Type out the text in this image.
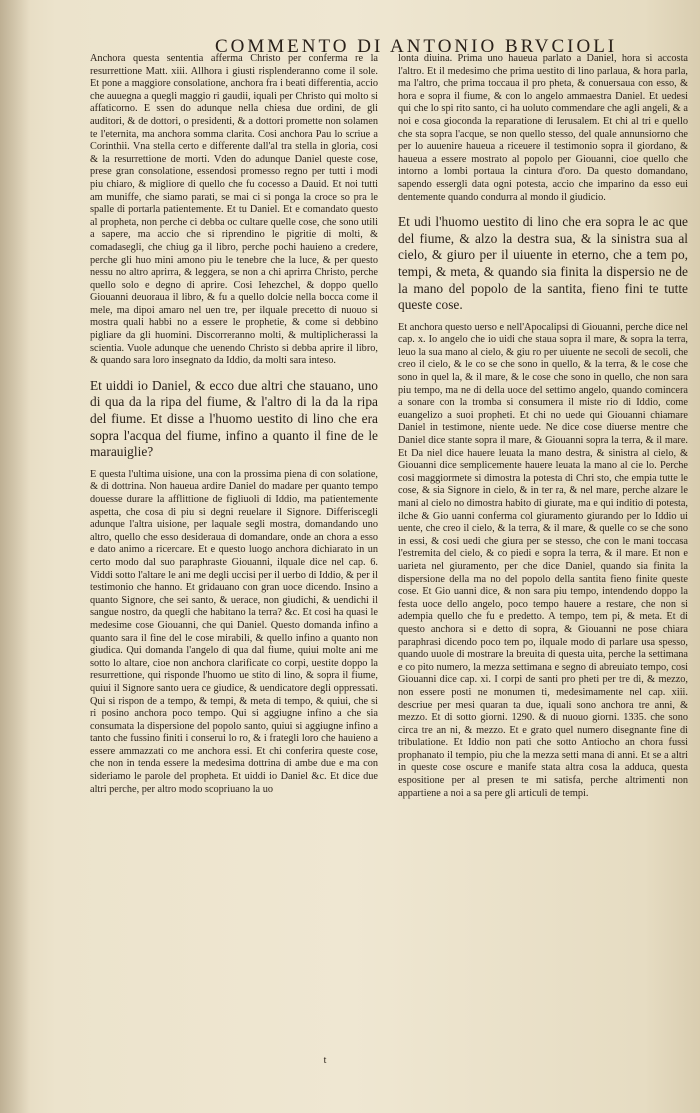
COMMENTO DI ANTONIO BRVCIOLI

Anchora questa sententia afferma Christo per conferma re la resurrettione Matt. xiii. Allhora i giusti risplenderanno come il sole. Et pone a maggiore consolatione, anchora fra i beati differentia, accio che auuegna a quegli maggio ri gaudii, iquali per Christo qui molto si affaticorno. E ssen do adunque nella chiesa due ordini, de gli auditori, & de dottori, o presidenti, & a dottori promette non solamen te l'eternita, ma anchora somma clarita. Cosi anchora Pau lo scriue a Corinthii. Vna stella certo e differente dall'al tra stella in gloria, cosi & la resurrettione de morti. Vden do adunque Daniel queste cose, prese gran consolatione, essendosi promesso regno per tutti i modi piu chiaro, & migliore di quello che fu cocesso a Dauid. Et noi tutti am muniffe, che siamo parati, se mai ci si ponga la croce so pra le spalle di portarla patientemente. Et tu Daniel. Et e comandato questo al propheta, non perche ci debba oc cultare quelle cose, che sono utili a sapere, ma accio che si riprendino le pigritie di molti, & comadasegli, che chiug ga il libro, perche pochi hauieno a credere, perche gli huo mini amono piu le tenebre che la luce, & per questo nessu no altro aprirra, & leggera, se non a chi aprirra Christo, perche quello solo e degno di aprire. Cosi Iehezchel, & doppo quello Giouanni deuoraua il libro, & fu a quello dolcie nella bocca come il mele, ma dipoi amaro nel uen tre, per ilquale precetto di nuouo si mostra quali habbi no a essere le prophetie, & come si debbino pigliare da gli huomini. Discorreranno molti, & multiplicherassi la scientia. Vuole adunque che uenendo Christo si debba aprire il libro, & quando sara loro insegnato da Iddio, da molti sara inteso.

Et uiddi io Daniel, & ecco due altri che stauano, uno di qua da la ripa del fiume, & l'altro di la da la ripa del fiume. Et disse a l'huomo uestito di lino che era sopra l'acqua del fiume, infino a quanto il fine de le marauiglie?

E questa l'ultima uisione, una con la prossima piena di con solatione, & di dottrina. Non haueua ardire Daniel do madare per quanto tempo douesse durare la afflittione de figliuoli di Iddio, ma patientemente aspetta, che cosa di piu si degni reuelare il Signore. Differiscegli adunque l'altra uisione, per laquale segli mostra, domandando uno altro, quello che esso desideraua di domandare, onde an chora a esso e dato animo a ricercare. Et e questo luogo anchora dichiarato in un certo modo dal suo paraphraste Giouanni, ilquale dice nel cap. 6. Viddi sotto l'altare le ani me degli uccisi per il uerbo di Iddio, & per il testimonio che hanno. Et gridauano con gran uoce dicendo. Insino a quanto Signore, che sei santo, & uerace, non giudichi, & uendichi il sangue nostro, da quegli che habitano la terra? &c. Et cosi ha quasi le medesime cose Giouanni, che qui Daniel. Questo domanda infino a quanto sara il fine del le cose mirabili, & quello infino a quanto non giudica. Qui domanda l'angelo di qua dal fiume, quiui molte ani me sotto lo altare, cioe non anchora clarificate co corpi, uestite doppo la resurrettione, qui risponde l'huomo ue stito di lino, & sopra il fiume, quiui il Signore santo uera ce giudice, & uendicatore degli oppressati. Qui si rispon de a tempo, & tempi, & meta di tempo, & quiui, che si ri posino anchora poco tempo. Qui si aggiugne infino a che sia consumata la dispersione del popolo santo, quiui si aggiugne infino a tanto che fussino finiti i conserui lo ro, & i frategli loro che hauieno a essere ammazzati co me anchora essi. Et chi conferira queste cose, che non in tenda essere la medesima dottrina di ambe due e ma con sideriamo le parole del propheta. Et uiddi io Daniel &c. Et dice due altri perche, per altro modo scopriuano la uo

lonta diuina. Prima uno haueua parlato a Daniel, hora si accosta l'altro. Et il medesimo che prima uestito di lino parlaua, & hora parla, ma l'altro, che prima toccaua il pro pheta, & conuersaua con esso, & hora e sopra il fiume, & con lo angelo ammaestra Daniel. Et uedesi qui che lo spi rito santo, ci ha uoluto commendare che agli angeli, & a noi e cosa gioconda la reparatione di Ierusalem. Et chi al tri e quello che sta sopra l'acque, se non quello stesso, del quale annunsiorno che per lo auuenire haueua a riceuere il testimonio sopra il giordano, & haueua a essere mostrato al popolo per Giouanni, cioe quello che intorno a lombi portaua la cintura d'oro. Da questo domandano, sapendo essergli data ogni potesta, accio che imparino da esso eui dentemente quando condurra al mondo il giudicio.

Et udi l'huomo uestito di lino che era sopra le ac que del fiume, & alzo la destra sua, & la sinistra sua al cielo, & giuro per il uiuente in eterno, che a tem po, tempi, & meta, & quando sia finita la dispersio ne de la mano del popolo de la santita, fieno fini te tutte queste cose.

Et anchora questo uerso e nell'Apocalipsi di Giouanni, perche dice nel cap. x. Io angelo che io uidi che staua sopra il mare, & sopra la terra, leuo la sua mano al cielo, & giu ro per uiuente ne secoli de secoli, che creo il cielo, & le co se che sono in quello, & la terra, & le cose che sono in quel la, & il mare, & le cose che sono in quello, che non sara piu tempo, ma ne di della uoce del settimo angelo, quando comincera a sonare con la tromba si consumera il miste rio di Iddio, come euangelizo a suoi propheti. Et chi no uede qui Giouanni chiamare Daniel in testimone, niente uede. Ne dice cose diuerse mentre che Daniel dice stante sopra il mare, & Giouanni sopra la terra, & il mare. Et Da niel dice hauere leuata la mano destra, & sinistra al cielo, & Giouanni dice semplicemente hauere leuata la mano al cie lo. Perche cosi maggiormete si dimostra la potesta di Chri sto, che empia tutte le cose, & sia Signore in cielo, & in ter ra, & nel mare, perche alzare le mani al cielo no dimostra habito di giurate, ma e qui inditio di potesta, ilche & Gio uanni conferma col giuramento giurando per lo Iddio ui uente, che creo il cielo, & la terra, & il mare, & quelle co se che sono in essi, & cosi uedi che giura per se stesso, che con le mani toccasa l'estremita del cielo, & co piedi e sopra la terra, & il mare. Et non e uarieta nel giuramento, per che dice Daniel, quando sia finita la dispersione della ma no del popolo della santita fieno finite queste cose. Et Gio uanni dice, & non sara piu tempo, intendendo doppo la festa uoce dello angelo, poco tempo hauere a restare, che non si adempia quello che fu e predetto. A tempo, tem pi, & meta. Et di questo anchora si e detto di sopra, & Giouanni ne pose chiara paraphrasi dicendo poco tem po, ilquale modo di parlare usa spesso, quando uuole di mostrare la breuita di questa uita, perche la settimana e co pito numero, la mezza settimana e segno di abreuiato tempo, cosi Giouanni dice cap. xi. I corpi de santi pro pheti per tre di, & mezzo, non essere posti ne monumen ti, medesimamente nel cap. xiii. descriue per mesi quaran ta due, iquali sono anchora tre anni, & mezzo. Et di sotto giorni. 1290. & di nuouo giorni. 1335. che sono circa tre an ni, & mezzo. Et e grato quel numero disegnante fine di tribulatione. Et Iddio non pati che sotto Antiocho an chora fussi prophanato il tempio, piu che la mezza setti mana di anni. Et se a altri in queste cose oscure e manife stata altra cosa la adduca, questa espositione per al presen te mi satisfa, perche altrimenti non appartiene a noi a sa pere gli articuli de tempi.

t
